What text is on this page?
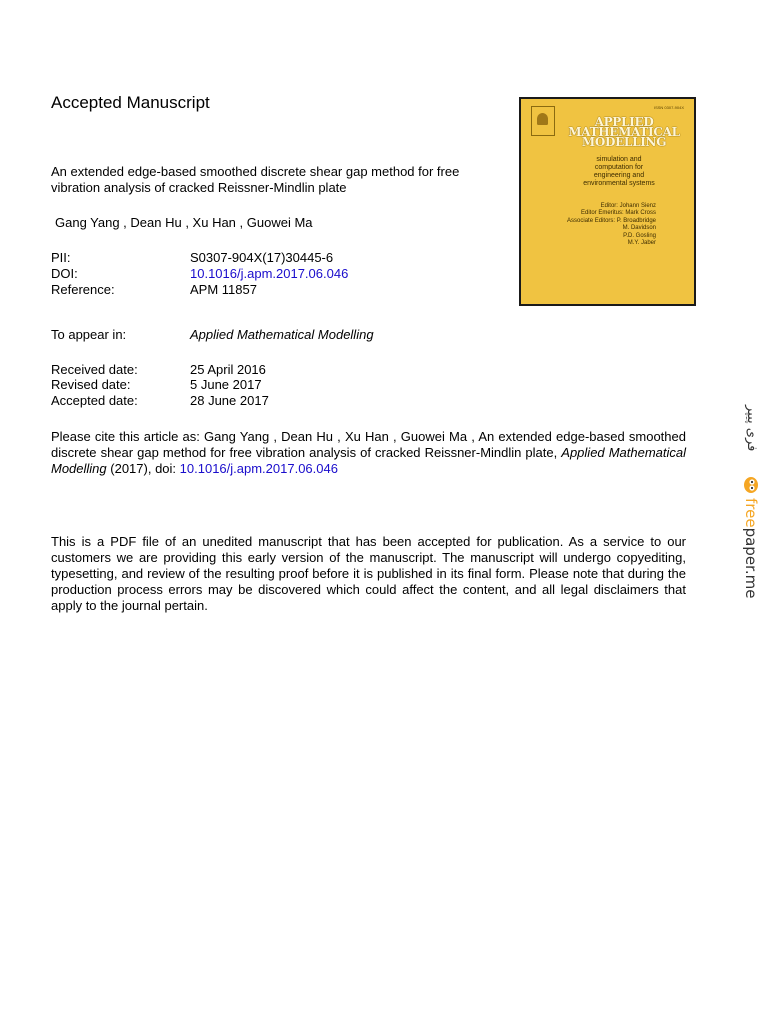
Accepted Manuscript
An extended edge-based smoothed discrete shear gap method for free vibration analysis of cracked Reissner-Mindlin plate
Gang Yang , Dean Hu , Xu Han , Guowei Ma
PII:	S0307-904X(17)30445-6
DOI:	10.1016/j.apm.2017.06.046
Reference:	APM 11857
To appear in:	Applied Mathematical Modelling
Received date:	25 April 2016
Revised date:	5 June 2017
Accepted date:	28 June 2017
Please cite this article as: Gang Yang , Dean Hu , Xu Han , Guowei Ma , An extended edge-based smoothed discrete shear gap method for free vibration analysis of cracked Reissner-Mindlin plate, Applied Mathematical Modelling (2017), doi: 10.1016/j.apm.2017.06.046
This is a PDF file of an unedited manuscript that has been accepted for publication. As a service to our customers we are providing this early version of the manuscript. The manuscript will undergo copyediting, typesetting, and review of the resulting proof before it is published in its final form. Please note that during the production process errors may be discovered which could affect the content, and all legal disclaimers that apply to the journal pertain.
ISSN 0307-904X
APPLIED
MATHEMATICAL
MODELLING
simulation and
computation for
engineering and
environmental systems
Editor: Johann Sienz
Editor Emeritus: Mark Cross
Associate Editors: P. Broadbridge
M. Davidson
P.D. Gosling
M.Y. Jaber
فری پیپر
freepaper.me
